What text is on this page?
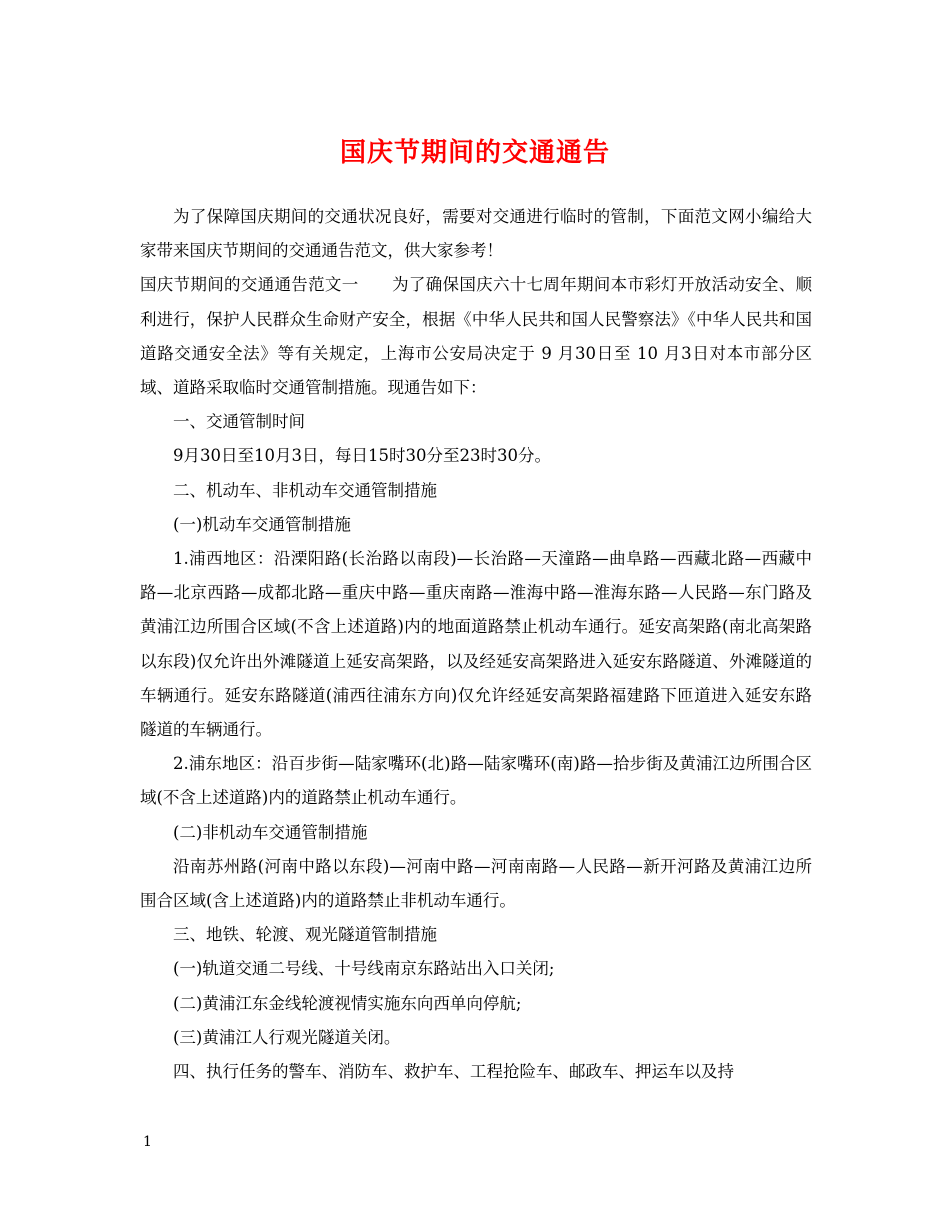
国庆节期间的交通通告

为了保障国庆期间的交通状况良好，需要对交通进行临时的管制，下面范文网小编给大家带来国庆节期间的交通通告范文，供大家参考！

国庆节期间的交通通告范文一　　为了确保国庆六十七周年期间本市彩灯开放活动安全、顺利进行，保护人民群众生命财产安全，根据《中华人民共和国人民警察法》《中华人民共和国道路交通安全法》等有关规定，上海市公安局决定于 9 月30日至 10 月3日对本市部分区域、道路采取临时交通管制措施。现通告如下：

一、交通管制时间

9月30日至10月3日，每日15时30分至23时30分。

二、机动车、非机动车交通管制措施

(一)机动车交通管制措施

1.浦西地区：沿溧阳路(长治路以南段)—长治路—天潼路—曲阜路—西藏北路—西藏中路—北京西路—成都北路—重庆中路—重庆南路—淮海中路—淮海东路—人民路—东门路及黄浦江边所围合区域(不含上述道路)内的地面道路禁止机动车通行。延安高架路(南北高架路以东段)仅允许出外滩隧道上延安高架路，以及经延安高架路进入延安东路隧道、外滩隧道的车辆通行。延安东路隧道(浦西往浦东方向)仅允许经延安高架路福建路下匝道进入延安东路隧道的车辆通行。

2.浦东地区：沿百步街—陆家嘴环(北)路—陆家嘴环(南)路—拾步街及黄浦江边所围合区域(不含上述道路)内的道路禁止机动车通行。

(二)非机动车交通管制措施

沿南苏州路(河南中路以东段)—河南中路—河南南路—人民路—新开河路及黄浦江边所围合区域(含上述道路)内的道路禁止非机动车通行。

三、地铁、轮渡、观光隧道管制措施

(一)轨道交通二号线、十号线南京东路站出入口关闭;

(二)黄浦江东金线轮渡视情实施东向西单向停航;

(三)黄浦江人行观光隧道关闭。

四、执行任务的警车、消防车、救护车、工程抢险车、邮政车、押运车以及持

1
